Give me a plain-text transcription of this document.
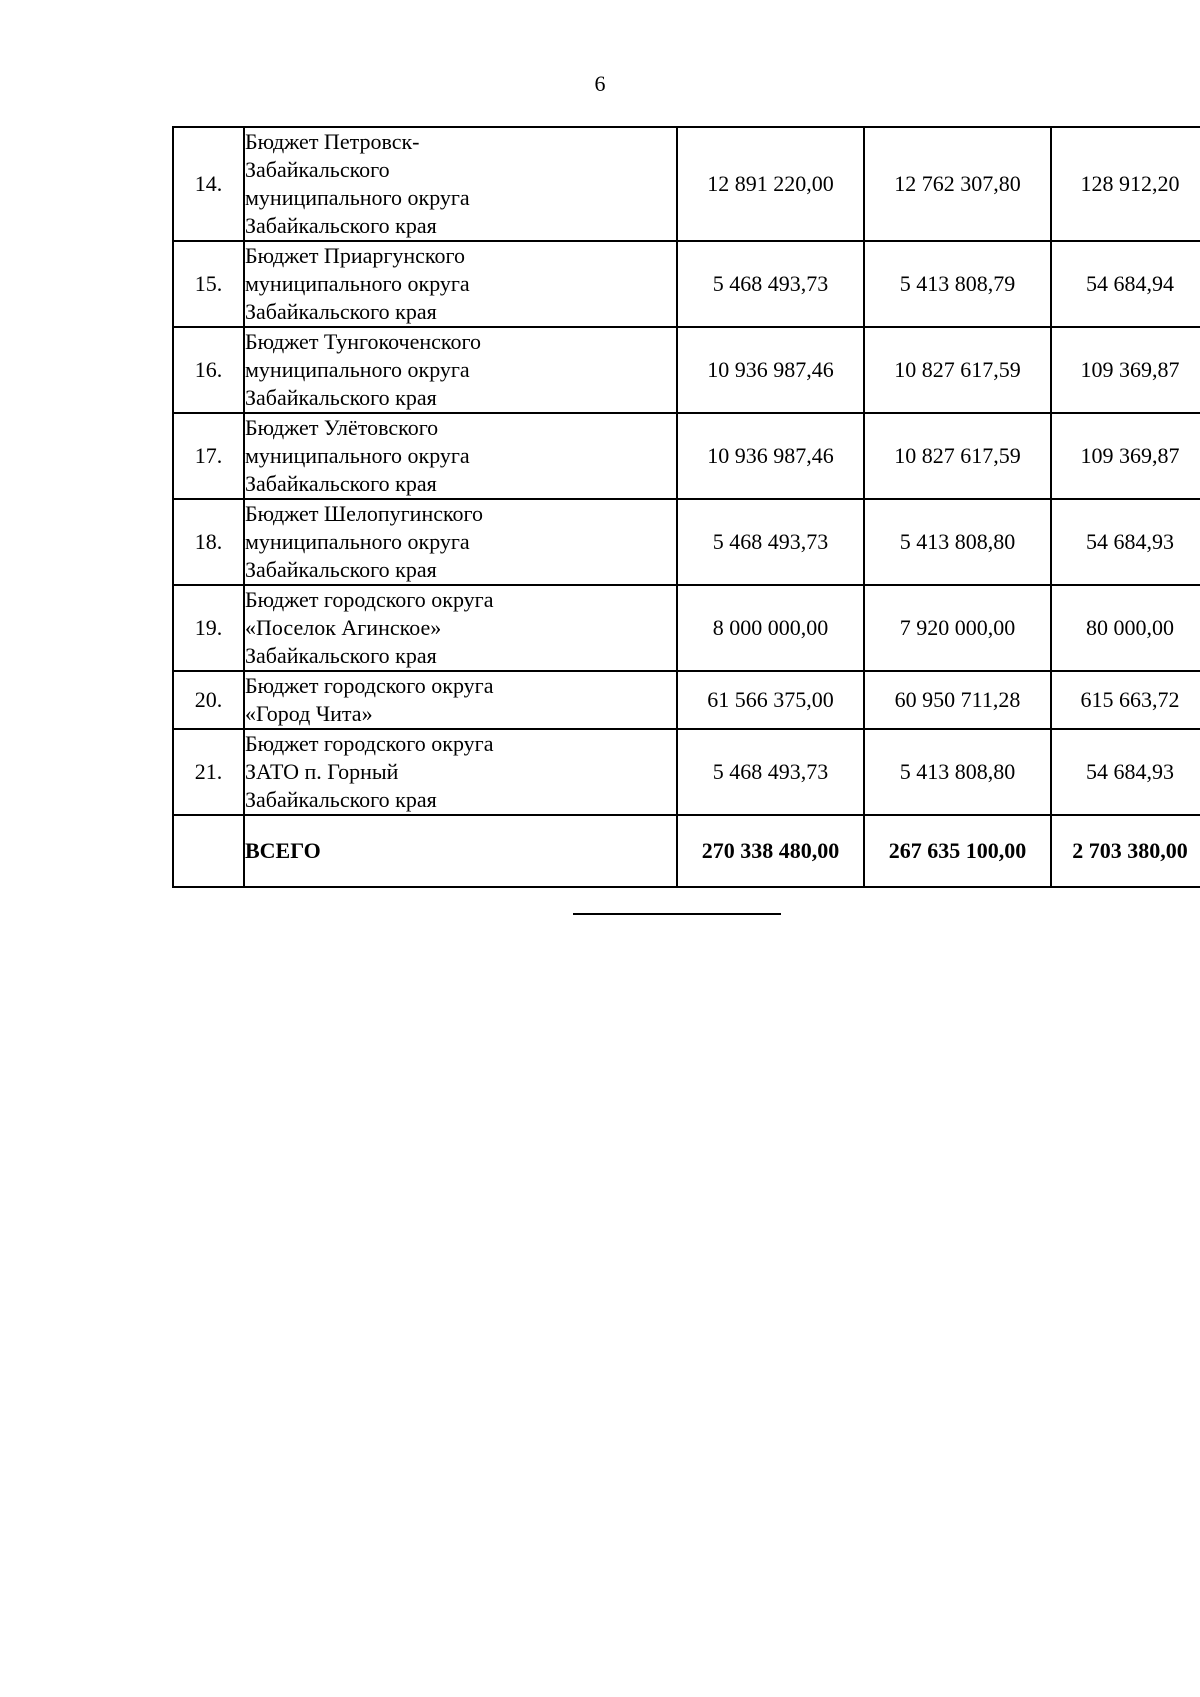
6
14.	Бюджет Петровск-
Забайкальского
муниципального округа
Забайкальского края	12 891 220,00	12 762 307,80	128 912,20
15.	Бюджет Приаргунского
муниципального округа
Забайкальского края	5 468 493,73	5 413 808,79	54 684,94
16.	Бюджет Тунгокоченского
муниципального округа
Забайкальского края	10 936 987,46	10 827 617,59	109 369,87
17.	Бюджет Улётовского
муниципального округа
Забайкальского края	10 936 987,46	10 827 617,59	109 369,87
18.	Бюджет Шелопугинского
муниципального округа
Забайкальского края	5 468 493,73	5 413 808,80	54 684,93
19.	Бюджет городского округа
«Поселок Агинское»
Забайкальского края	8 000 000,00	7 920 000,00	80 000,00
20.	Бюджет городского округа
«Город Чита»	61 566 375,00	60 950 711,28	615 663,72
21.	Бюджет городского округа
ЗАТО п. Горный
Забайкальского края	5 468 493,73	5 413 808,80	54 684,93
	ВСЕГО	270 338 480,00	267 635 100,00	2 703 380,00
